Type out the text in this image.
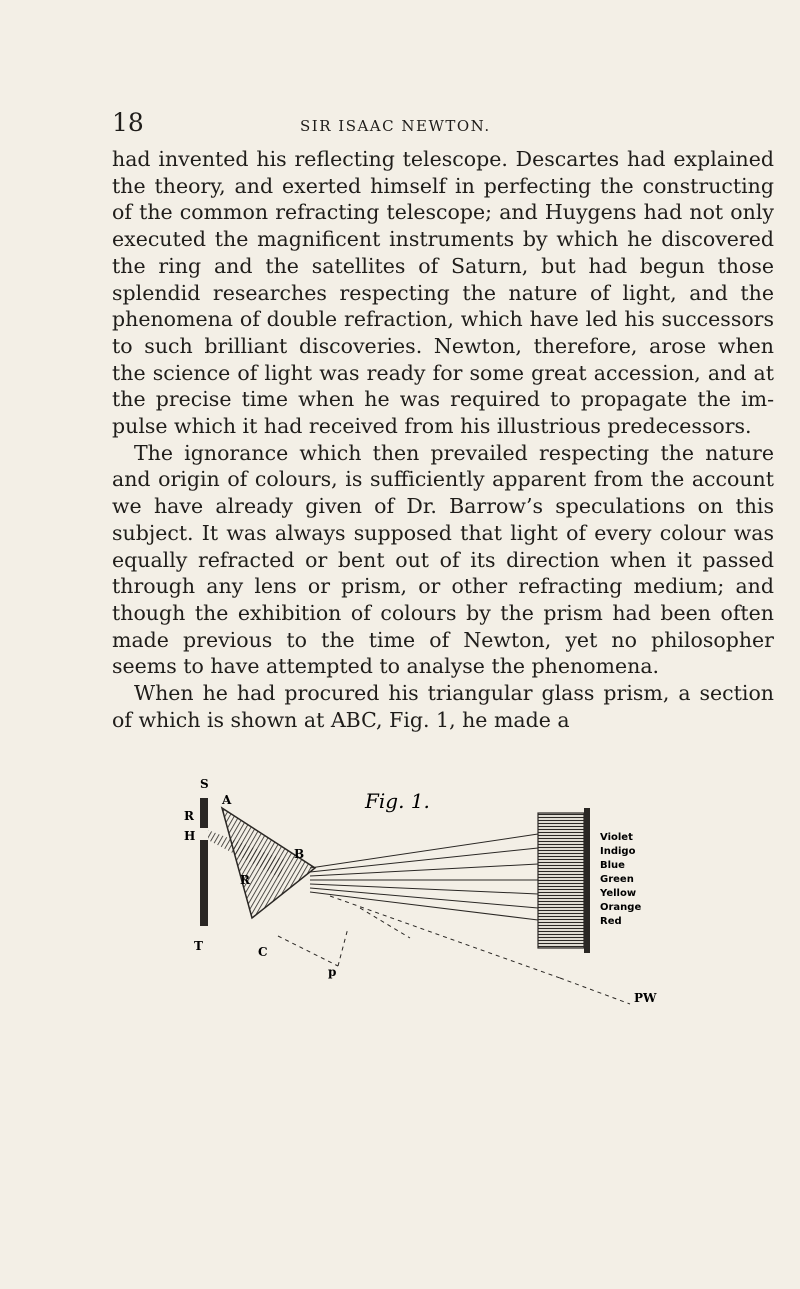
18	SIR ISAAC NEWTON.

had invented his reflecting telescope. Descartes had explained the theory, and exerted himself in perfecting the constructing of the common refracting telescope; and Huygens had not only executed the magnificent instruments by which he discovered the ring and the satellites of Saturn, but had begun those splendid researches respecting the nature of light, and the phenomena of double refraction, which have led his successors to such brilliant discoveries. Newton, therefore, arose when the science of light was ready for some great accession, and at the precise time when he was required to propagate the impulse which it had received from his illustrious predecessors.

The ignorance which then prevailed respecting the nature and origin of colours, is sufficiently apparent from the account we have already given of Dr. Barrow’s speculations on this subject. It was always supposed that light of every colour was equally refracted or bent out of its direction when it passed through any lens or prism, or other refracting medium; and though the exhibition of colours by the prism had been often made previous to the time of Newton, yet no philosopher seems to have attempted to analyse the phenomena.

When he had procured his triangular glass prism, a section of which is shown at ABC, Fig. 1, he made a

Fig. 1.
S
R
H
T
A
B
R
C
p
Violet
Indigo
Blue
Green
Yellow
Orange
Red
PW
